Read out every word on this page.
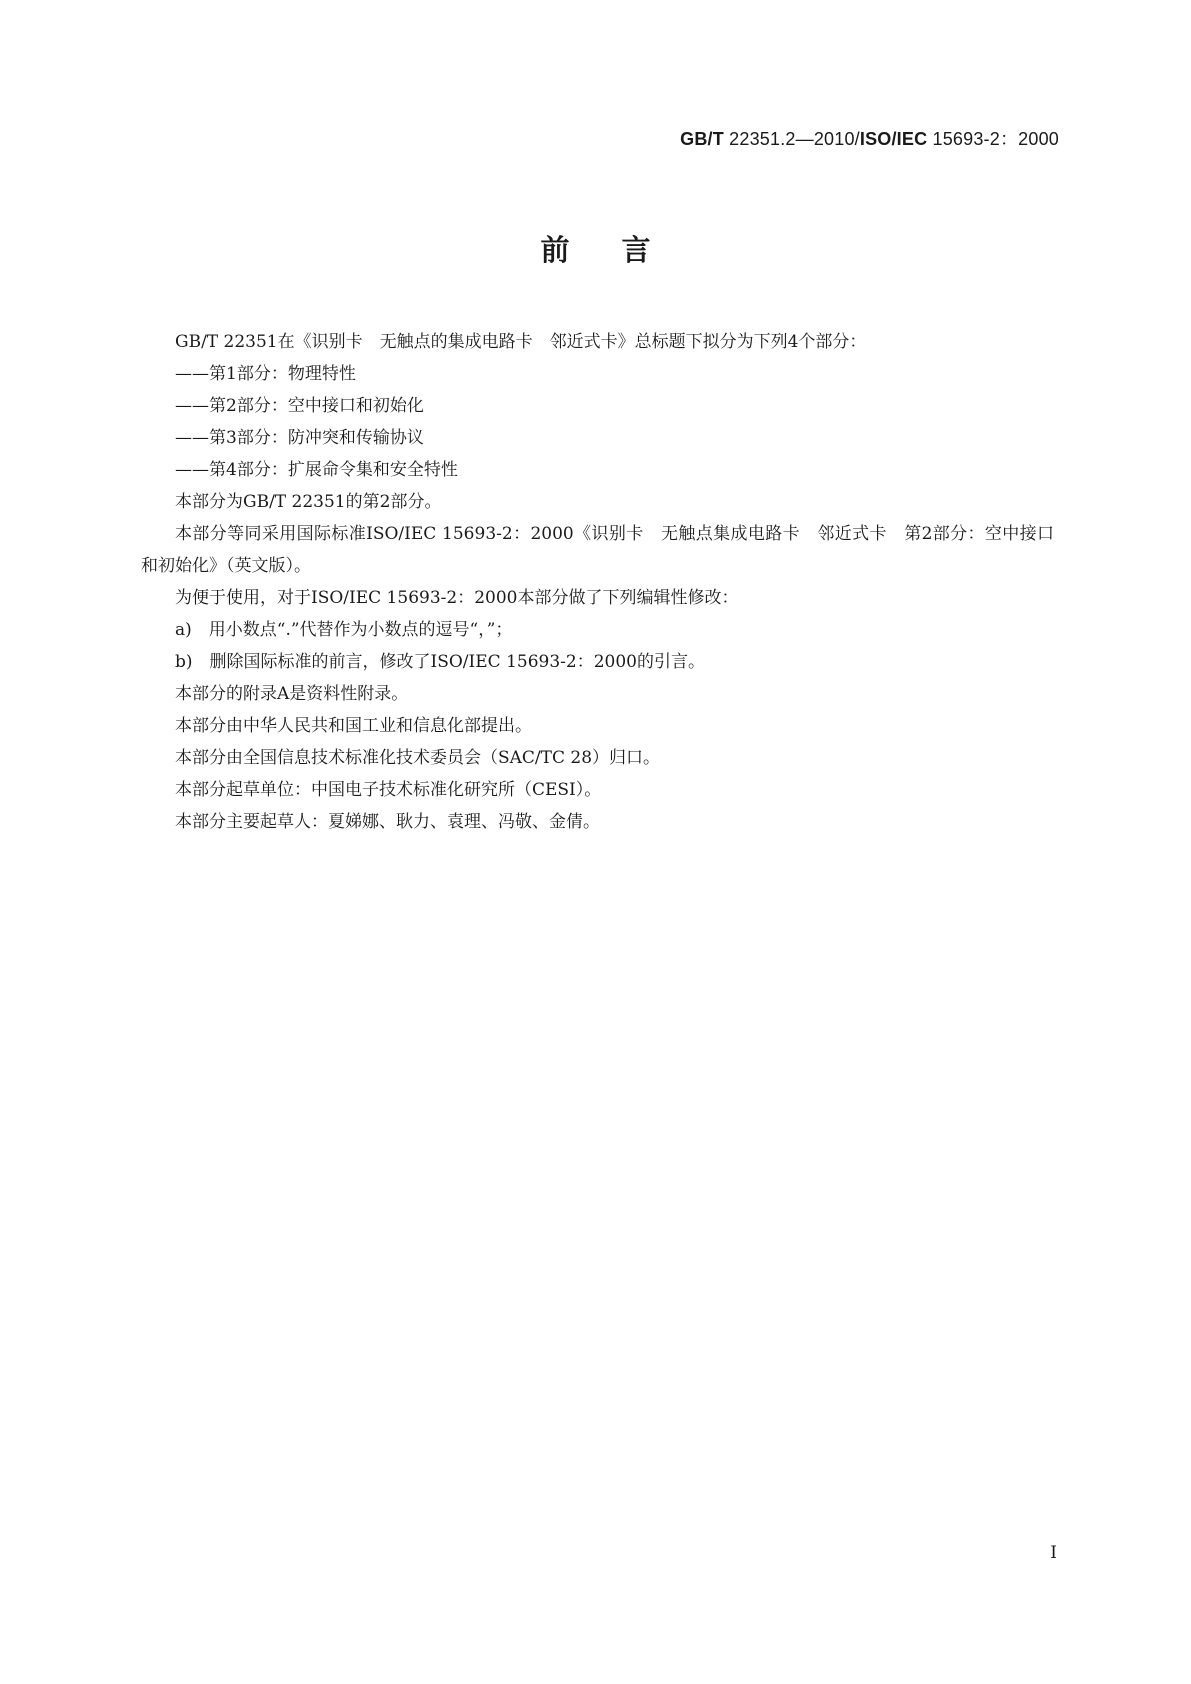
GB/T 22351.2—2010/ISO/IEC 15693-2：2000
前言

GB/T 22351在《识别卡　无触点的集成电路卡　邻近式卡》总标题下拟分为下列4个部分：

——第1部分：物理特性

——第2部分：空中接口和初始化

——第3部分：防冲突和传输协议

——第4部分：扩展命令集和安全特性

本部分为GB/T 22351的第2部分。

本部分等同采用国际标准ISO/IEC 15693-2：2000《识别卡　无触点集成电路卡　邻近式卡　第2部分：空中接口和初始化》（英文版）。

为便于使用，对于ISO/IEC 15693-2：2000本部分做了下列编辑性修改：

a)　用小数点“.”代替作为小数点的逗号“，”；

b)　删除国际标准的前言，修改了ISO/IEC 15693-2：2000的引言。

本部分的附录A是资料性附录。

本部分由中华人民共和国工业和信息化部提出。

本部分由全国信息技术标准化技术委员会（SAC/TC 28）归口。

本部分起草单位：中国电子技术标准化研究所（CESI）。

本部分主要起草人：夏娣娜、耿力、袁理、冯敬、金倩。

I
